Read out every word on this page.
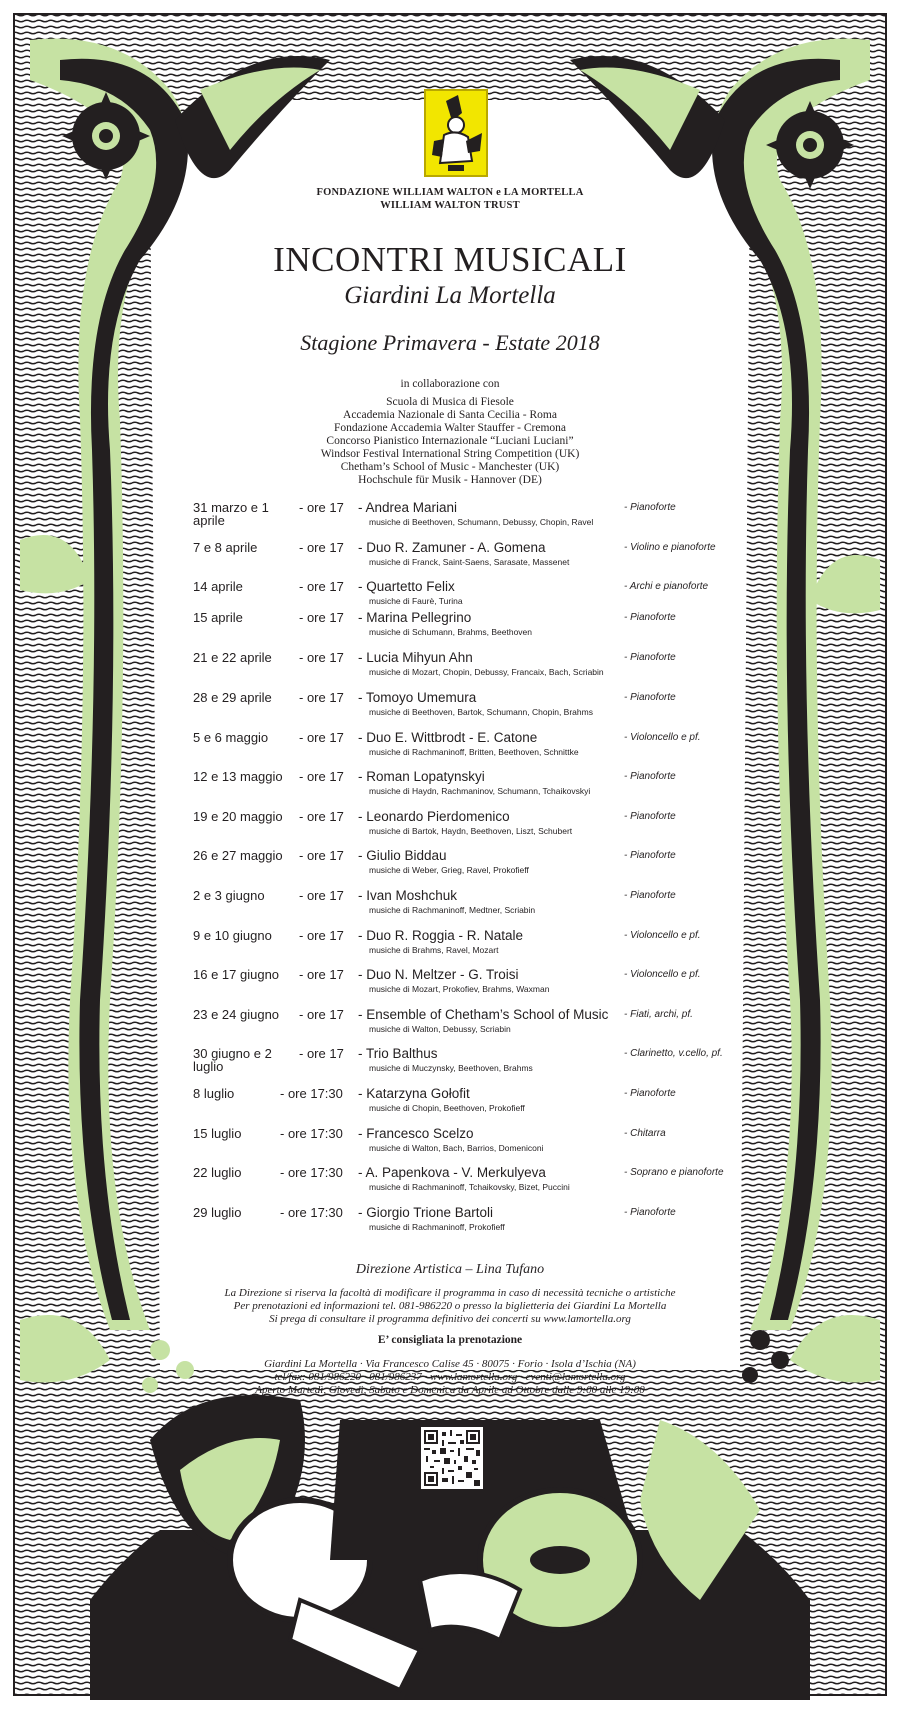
FONDAZIONE WILLIAM WALTON e LA MORTELLA
WILLIAM WALTON TRUST
INCONTRI MUSICALI
Giardini La Mortella
Stagione Primavera - Estate 2018
in collaborazione con
Scuola di Musica di Fiesole
Accademia Nazionale di Santa Cecilia - Roma
Fondazione Accademia Walter Stauffer - Cremona
Concorso Pianistico Internazionale “Luciani Luciani”
Windsor Festival International String Competition (UK)
Chetham’s School of Music - Manchester (UK)
Hochschule für Musik - Hannover (DE)
31 marzo e 1 aprile
- ore 17 - Andrea Mariani
musiche di Beethoven, Schumann, Debussy, Chopin, Ravel
- Pianoforte
7 e 8 aprile	- ore 17 - Duo R. Zamuner - A. Gomena
musiche di Franck, Saint-Saens, Sarasate, Massenet
- Violino e pianoforte
14 aprile	- ore 17 - Quartetto Felix
musiche di Faurè, Turina
- Archi e pianoforte
15 aprile	- ore 17 - Marina Pellegrino
musiche di Schumann, Brahms, Beethoven
- Pianoforte
21 e 22 aprile	- ore 17 - Lucia Mihyun Ahn
musiche di Mozart, Chopin, Debussy, Francaix, Bach, Scriabin
- Pianoforte
28 e 29 aprile	- ore 17 - Tomoyo Umemura
musiche di Beethoven, Bartok, Schumann, Chopin, Brahms
- Pianoforte
5 e 6 maggio	- ore 17 - Duo E. Wittbrodt - E. Catone
musiche di Rachmaninoff, Britten, Beethoven, Schnittke
- Violoncello e pf.
12 e 13 maggio	- ore 17 - Roman Lopatynskyi
musiche di Haydn, Rachmaninov, Schumann, Tchaikovskyi
- Pianoforte
19 e 20 maggio	- ore 17 - Leonardo Pierdomenico
musiche di Bartok, Haydn, Beethoven, Liszt, Schubert
- Pianoforte
26 e 27 maggio	- ore 17 - Giulio Biddau
musiche di Weber, Grieg, Ravel, Prokofieff
- Pianoforte
2 e 3 giugno	- ore 17 - Ivan Moshchuk
musiche di Rachmaninoff, Medtner, Scriabin
- Pianoforte
9 e 10 giugno	- ore 17 - Duo R. Roggia - R. Natale
musiche di Brahms, Ravel, Mozart
- Violoncello e pf.
16 e 17 giugno	- ore 17 - Duo N. Meltzer - G. Troisi
musiche di Mozart, Prokofiev, Brahms, Waxman
- Violoncello e pf.
23 e 24 giugno	- ore 17 - Ensemble of Chetham’s School of Music
musiche di Walton, Debussy, Scriabin
- Fiati, archi, pf.
30 giugno e 2 luglio
- ore 17 - Trio Balthus
musiche di Muczynsky, Beethoven, Brahms
- Clarinetto, v.cello, pf.
8 luglio	- ore 17:30 - Katarzyna Gołofit
musiche di Chopin, Beethoven, Prokofieff
- Pianoforte
15 luglio	- ore 17:30 - Francesco Scelzo
musiche di Walton, Bach, Barrios, Domeniconi
- Chitarra
22 luglio	- ore 17:30 - A. Papenkova - V. Merkulyeva
musiche di Rachmaninoff, Tchaikovsky, Bizet, Puccini
- Soprano e pianoforte
29 luglio	- ore 17:30 - Giorgio Trione Bartoli
musiche di Rachmaninoff, Prokofieff
- Pianoforte
Direzione Artistica – Lina Tufano
La Direzione si riserva la facoltà di modificare il programma in caso di necessità tecniche o artistiche
Per prenotazioni ed informazioni tel. 081-986220 o presso la biglietteria dei Giardini La Mortella
Si prega di consultare il programma definitivo dei concerti su www.lamortella.org
E’ consigliata la prenotazione
Giardini La Mortella · Via Francesco Calise 45 · 80075 · Forio · Isola d’Ischia (NA)
tel/fax: 081/986220 · 081/986237 · www.lamortella.org · eventi@lamortella.org
Aperto Martedì, Giovedì, Sabato e Domenica da Aprile ad Ottobre dalle 9:00 alle 19:00
